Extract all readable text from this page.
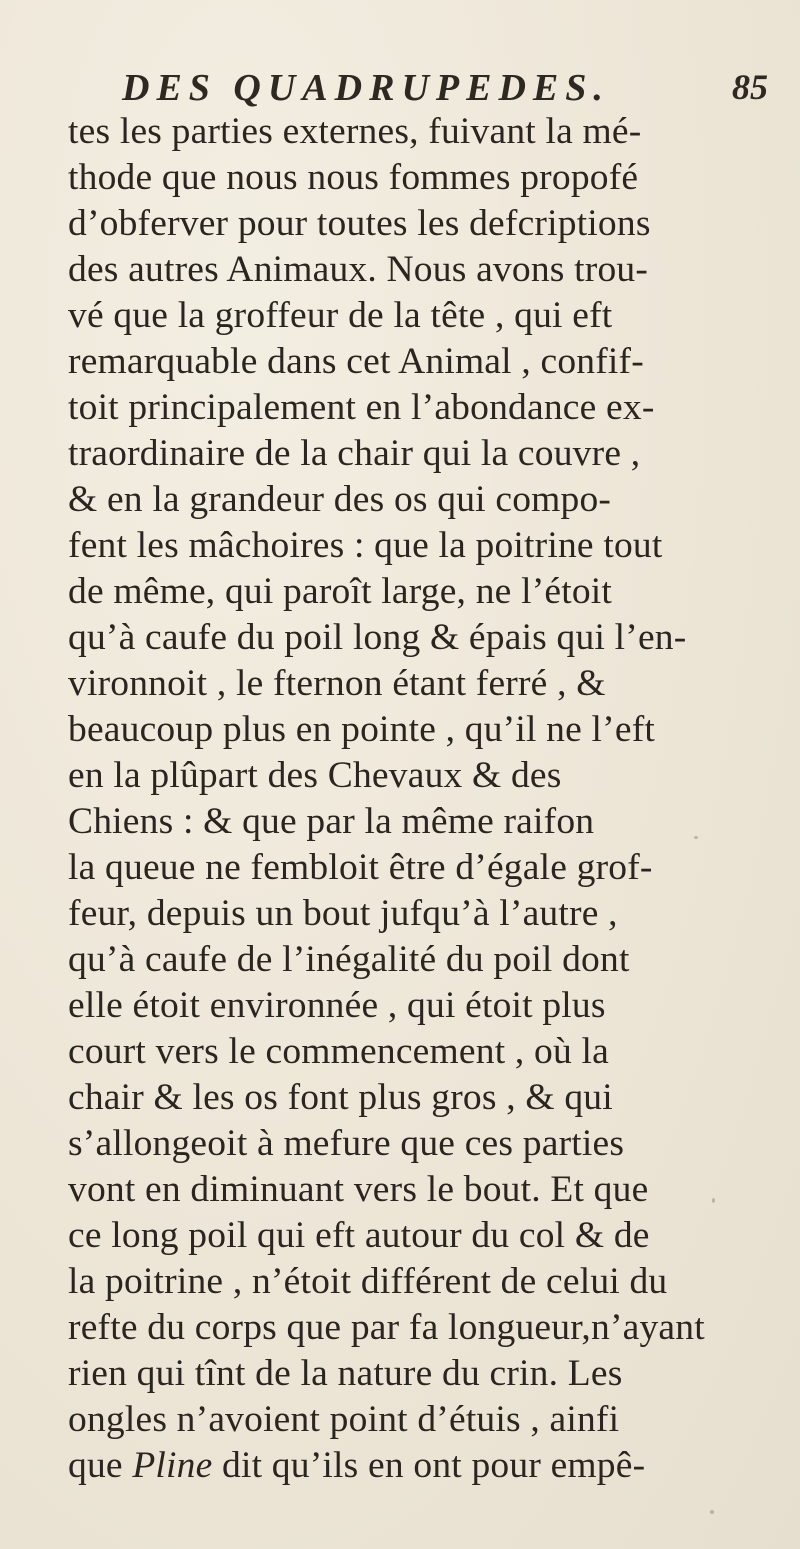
DES QUADRUPEDES.	85
tes les parties externes, fuivant la mé-
thode que nous nous fommes propofé
d’obferver pour toutes les defcriptions
des autres Animaux. Nous avons trou-
vé que la groffeur de la tête , qui eft
remarquable dans cet Animal , confif-
toit principalement en l’abondance ex-
traordinaire de la chair qui la couvre ,
& en la grandeur des os qui compo-
fent les mâchoires : que la poitrine tout
de même, qui paroît large, ne l’étoit
qu’à caufe du poil long & épais qui l’en-
vironnoit , le fternon étant ferré , &
beaucoup plus en pointe , qu’il ne l’eft
en la plûpart des Chevaux & des
Chiens : & que par la même raifon
la queue ne fembloit être d’égale grof-
feur, depuis un bout jufqu’à l’autre ,
qu’à caufe de l’inégalité du poil dont
elle étoit environnée , qui étoit plus
court vers le commencement , où la
chair & les os font plus gros , & qui
s’allongeoit à mefure que ces parties
vont en diminuant vers le bout. Et que
ce long poil qui eft autour du col & de
la poitrine , n’étoit différent de celui du
refte du corps que par fa longueur,n’ayant
rien qui tînt de la nature du crin. Les
ongles n’avoient point d’étuis , ainfi
que Pline dit qu’ils en ont pour empê-
